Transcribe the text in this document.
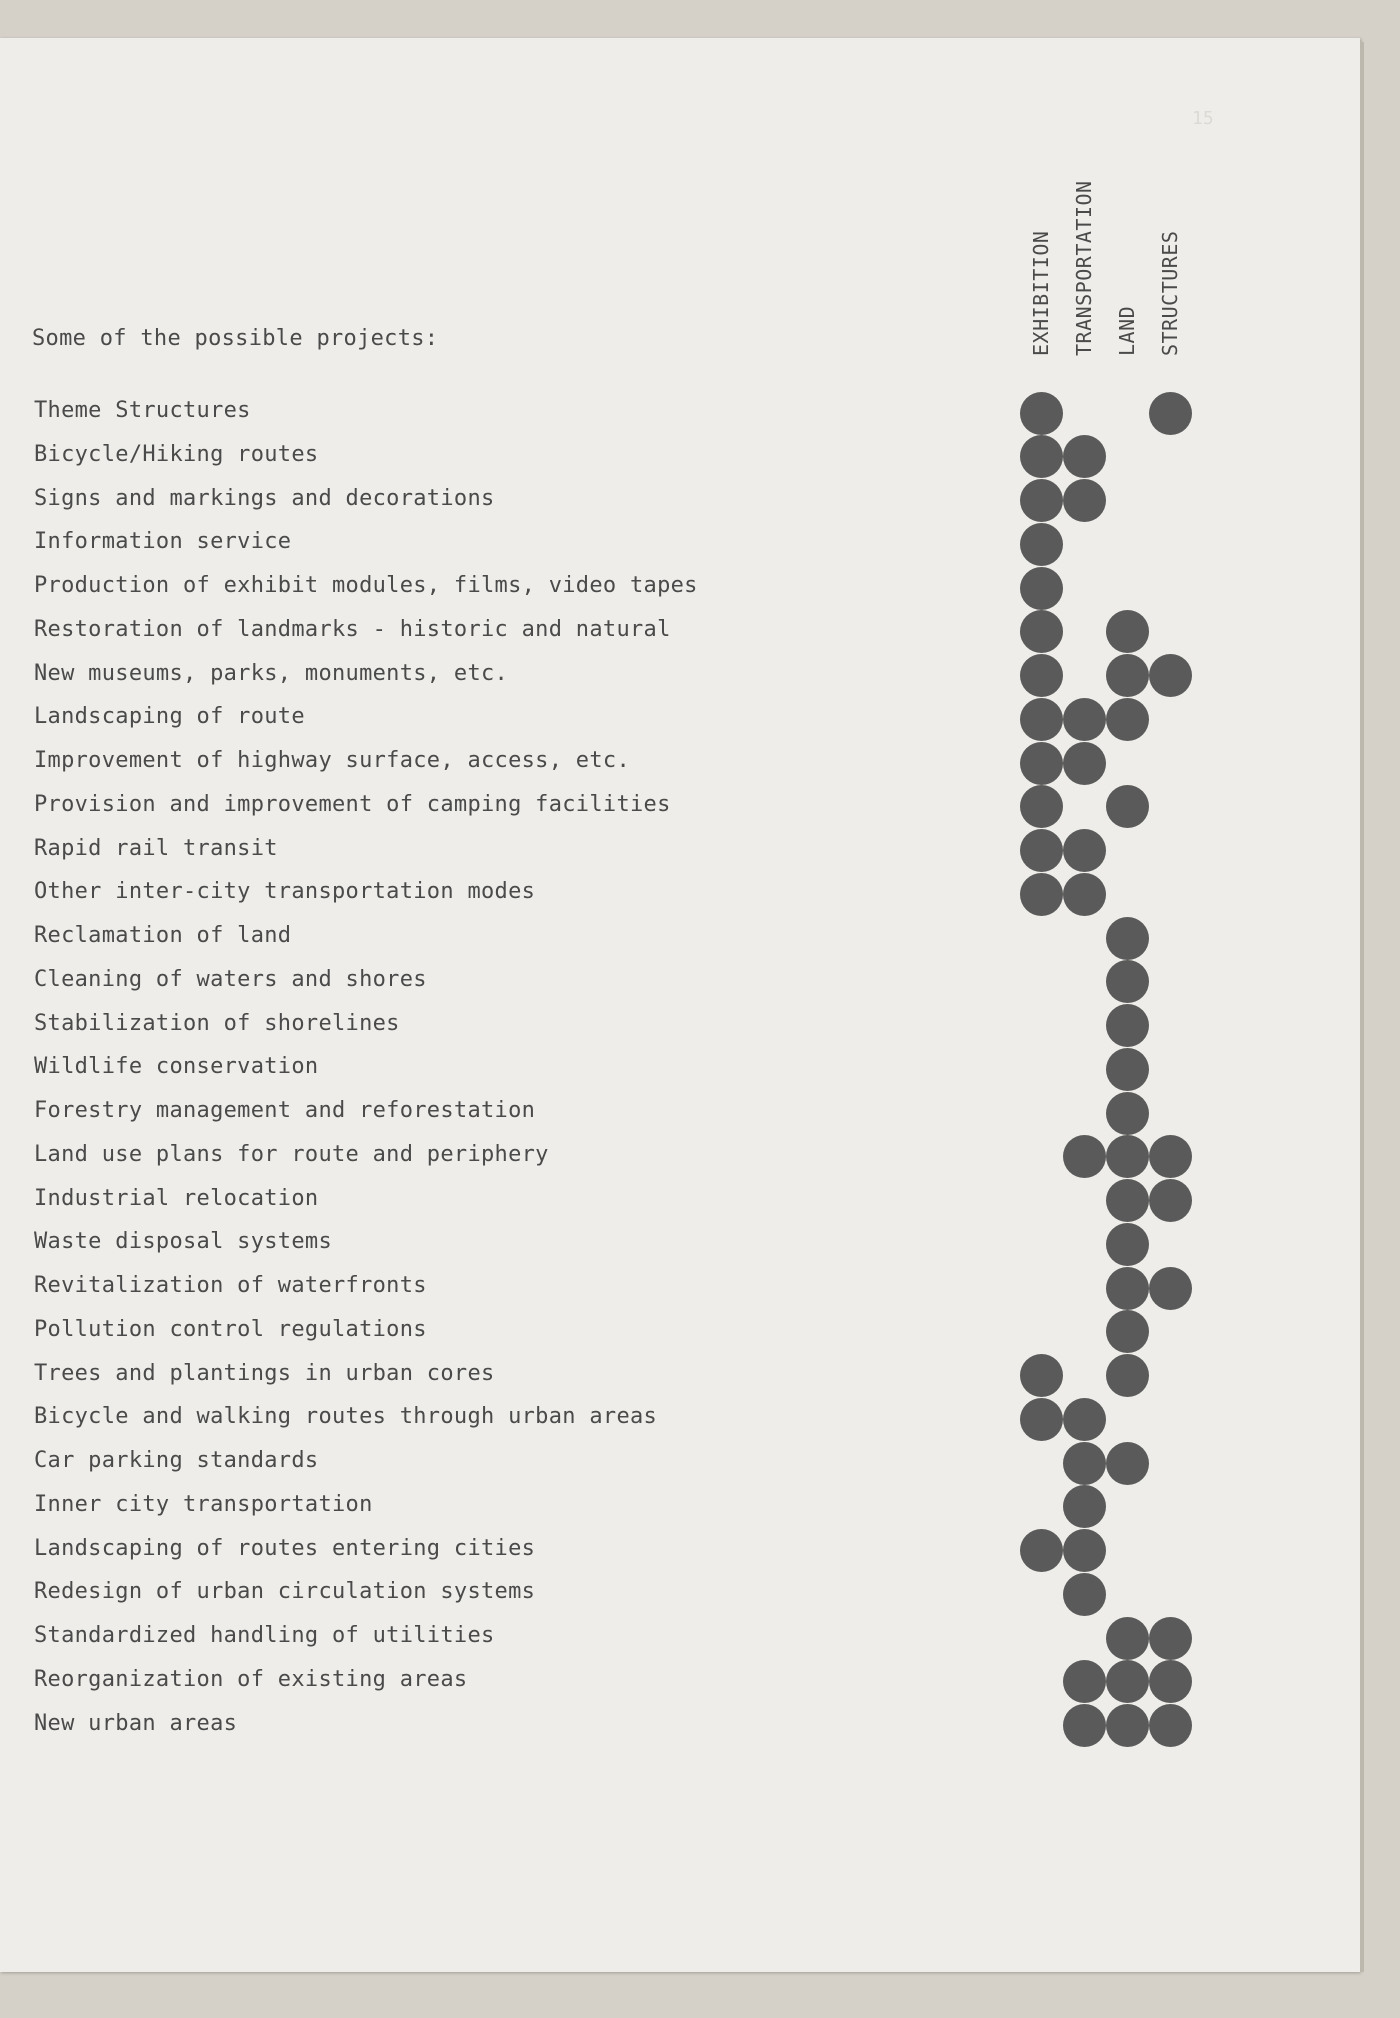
15
Some of the possible projects:	EXHIBITION TRANSPORTATION LAND STRUCTURES
Theme Structures
Bicycle/Hiking routes
Signs and markings and decorations
Information service
Production of exhibit modules, films, video tapes
Restoration of landmarks - historic and natural
New museums, parks, monuments, etc.
Landscaping of route
Improvement of highway surface, access, etc.
Provision and improvement of camping facilities
Rapid rail transit
Other inter-city transportation modes
Reclamation of land
Cleaning of waters and shores
Stabilization of shorelines
Wildlife conservation
Forestry management and reforestation
Land use plans for route and periphery
Industrial relocation
Waste disposal systems
Revitalization of waterfronts
Pollution control regulations
Trees and plantings in urban cores
Bicycle and walking routes through urban areas
Car parking standards
Inner city transportation
Landscaping of routes entering cities
Redesign of urban circulation systems
Standardized handling of utilities
Reorganization of existing areas
New urban areas
